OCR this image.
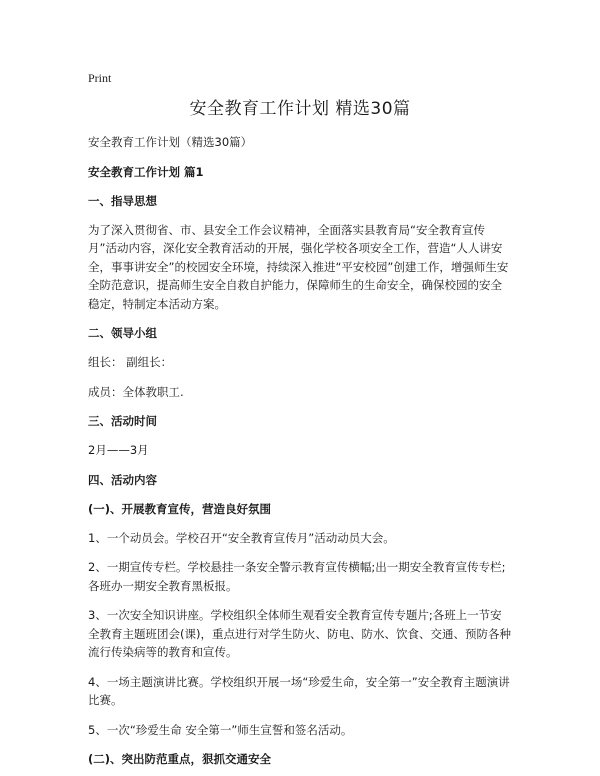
Print
安全教育工作计划 精选30篇
安全教育工作计划（精选30篇）
安全教育工作计划 篇1
一、指导思想
为了深入贯彻省、市、县安全工作会议精神，全面落实县教育局“安全教育宣传月”活动内容，深化安全教育活动的开展，强化学校各项安全工作，营造“人人讲安全，事事讲安全”的校园安全环境，持续深入推进“平安校园”创建工作，增强师生安全防范意识，提高师生安全自救自护能力，保障师生的生命安全，确保校园的安全稳定，特制定本活动方案。
二、领导小组
组长： 副组长：
成员：全体教职工.
三、活动时间
2月——3月
四、活动内容
(一)、开展教育宣传，营造良好氛围
1、一个动员会。学校召开“安全教育宣传月”活动动员大会。
2、一期宣传专栏。学校悬挂一条安全警示教育宣传横幅;出一期安全教育宣传专栏;各班办一期安全教育黑板报。
3、一次安全知识讲座。学校组织全体师生观看安全教育宣传专题片;各班上一节安全教育主题班团会(课)，重点进行对学生防火、防电、防水、饮食、交通、预防各种流行传染病等的教育和宣传。
4、一场主题演讲比赛。学校组织开展一场“珍爱生命，安全第一”安全教育主题演讲比赛。
5、一次“珍爱生命 安全第一”师生宣誓和签名活动。
(二)、突出防范重点，狠抓交通安全
